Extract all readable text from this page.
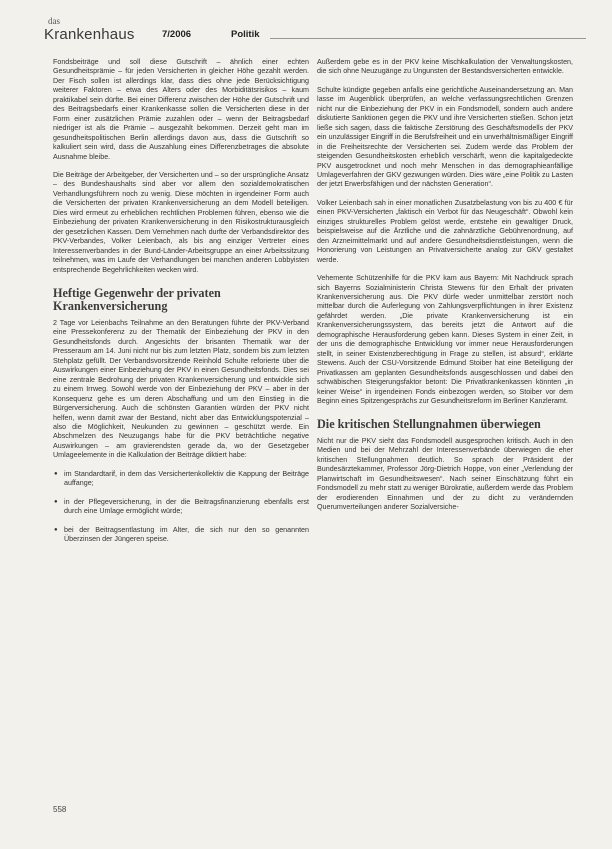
das
Krankenhaus	7/2006	Politik

Fondsbeiträge und soll diese Gutschrift – ähnlich einer echten Gesundheitsprämie – für jeden Versicherten in gleicher Höhe gezahlt werden. Der Fisch sollen ist allerdings klar, dass dies ohne jede Berücksichtigung weiterer Faktoren – etwa des Alters oder des Morbiditätsrisikos – kaum praktikabel sein dürfte. Bei einer Differenz zwischen der Höhe der Gutschrift und des Beitragsbedarfs einer Krankenkasse sollen die Versicherten diese in der Form einer zusätzlichen Prämie zuzahlen oder – wenn der Beitragsbedarf niedriger ist als die Prämie – ausgezahlt bekommen. Derzeit geht man im gesundheitspolitischen Berlin allerdings davon aus, dass die Gutschrift so kalkuliert sein wird, dass die Auszahlung eines Differenzbetrages die absolute Ausnahme bleibe.

Die Beiträge der Arbeitgeber, der Versicherten und – so der ursprüngliche Ansatz – des Bundeshaushalts sind aber vor allem den sozialdemokratischen Verhandlungsführern noch zu wenig. Diese möchten in irgendeiner Form auch die Versicherten der privaten Krankenversicherung an dem Modell beteiligen. Dies wird ermeut zu erheblichen rechtlichen Problemen führen, ebenso wie die Einbeziehung der privaten Krankenversicherung in den Risikostrukturausgleich der gesetzlichen Kassen. Dem Vernehmen nach durfte der Verbandsdirektor des PKV-Verbandes, Volker Leienbach, als bis ang einziger Vertreter eines Interessenverbandes in der Bund-Länder-Arbeitsgruppe an einer Arbeitssitzung teilnehmen, was im Laufe der Verhandlungen bei manchen anderen Lobbyisten entsprechende Begehrlichkeiten wecken wird.

Heftige Gegenwehr der privaten Krankenversicherung

2 Tage vor Leienbachs Teilnahme an den Beratungen führte der PKV-Verband eine Pressekonferenz zu der Thematik der Einbeziehung der PKV in den Gesundheitsfonds durch. Angesichts der brisanten Thematik war der Presseraum am 14. Juni nicht nur bis zum letzten Platz, sondern bis zum letzten Stehplatz gefüllt. Der Verbandsvorsitzende Reinhold Schulte reforierte über die Auswirkungen einer Einbeziehung der PKV in einen Gesundheitsfonds. Dies sei eine zentrale Bedrohung der privaten Krankenversicherung und entwickle sich zu einem Irrweg. Sowohl werde von der Einbeziehung der PKV – aber in der Konsequenz gehe es um deren Abschaffung und um den Einstieg in die Bürgerversicherung. Auch die schönsten Garantien würden der PKV nicht helfen, wenn damit zwar der Bestand, nicht aber das Entwicklungspotenzial – also die Möglichkeit, Neukunden zu gewinnen – geschützt werde. Ein Abschmelzen des Neuzugangs habe für die PKV beträchtliche negative Auswirkungen – am gravierendsten gerade da, wo der Gesetzgeber Umlageelemente in die Kalkulation der Beiträge diktiert habe:

● im Standardtarif, in dem das Versichertenkollektiv die Kappung der Beiträge auffange;
● in der Pflegeversicherung, in der die Beitragsfinanzierung ebenfalls erst durch eine Umlage ermöglicht würde;
● bei der Beitragsentlastung im Alter, die sich nur den so genannten Überzinsen der Jüngeren speise.

Außerdem gebe es in der PKV keine Mischkalkulation der Verwaltungskosten, die sich ohne Neuzugänge zu Ungunsten der Bestandsversicherten entwickle.

Schulte kündigte gegeben anfalls eine gerichtliche Auseinandersetzung an. Man lasse im Augenblick überprüfen, an welche verfassungsrechtlichen Grenzen nicht nur die Einbeziehung der PKV in ein Fondsmodell, sondern auch andere diskutierte Sanktionen gegen die PKV und ihre Versicherten stießen. Schon jetzt ließe sich sagen, dass die faktische Zerstörung des Geschäftsmodells der PKV ein unzulässiger Eingriff in die Berufsfreiheit und ein unverhältnismäßiger Eingriff in die Freiheitsrechte der Versicherten sei. Zudem werde das Problem der steigenden Gesundheitskosten erheblich verschärft, wenn die kapitalgedeckte PKV ausgetrocknet und noch mehr Menschen in das demographieanfällige Umlageverfahren der GKV gezwungen würden. Dies wäre „eine Politik zu Lasten der jetzt Erwerbsfähigen und der nächsten Generation“.

Volker Leienbach sah in einer monatlichen Zusatzbelastung von bis zu 400 € für einen PKV-Versicherten „faktisch ein Verbot für das Neugeschäft“. Obwohl kein einziges strukturelles Problem gelöst werde, entstehe ein gewaltiger Druck, beispielsweise auf die Ärztliche und die zahnärztliche Gebührenordnung, auf den Arzneimittelmarkt und auf andere Gesundheitsdienstleistungen, wenn die Honorierung von Leistungen an Privatversicherte analog zur GKV gestaltet werde.

Vehemente Schützenhilfe für die PKV kam aus Bayern: Mit Nachdruck sprach sich Bayerns Sozialministerin Christa Stewens für den Erhalt der privaten Krankenversicherung aus. Die PKV dürfe weder unmittelbar zerstört noch mittelbar durch die Auferlegung von Zahlungsverpflichtungen in ihrer Existenz gefährdet werden. „Die private Krankenversicherung ist ein Krankenversicherungssystem, das bereits jetzt die Antwort auf die demographische Herausforderung geben kann. Dieses System in einer Zeit, in der uns die demographische Entwicklung vor immer neue Herausforderungen stellt, in seiner Existenzberechtigung in Frage zu stellen, ist absurd“, erklärte Stewens. Auch der CSU-Vorsitzende Edmund Stoiber hat eine Beteiligung der Privatkassen am geplanten Gesundheitsfonds ausgeschlossen und dabei den schwäbischen Steigerungsfaktor betont: Die Privatkrankenkassen könnten „in keiner Weise“ in irgendeinen Fonds einbezogen werden, so Stoiber vor dem Beginn eines Spitzengesprächs zur Gesundheitsreform im Berliner Kanzleramt.

Die kritischen Stellungnahmen überwiegen

Nicht nur die PKV sieht das Fondsmodell ausgesprochen kritisch. Auch in den Medien und bei der Mehrzahl der Interessenverbände überwiegen die eher kritischen Stellungnahmen deutlich. So sprach der Präsident der Bundesärztekammer, Professor Jörg-Dietrich Hoppe, von einer „Verlendung der Planwirtschaft im Gesundheitswesen“. Nach seiner Einschätzung führt ein Fondsmodell zu mehr statt zu weniger Bürokratie, außerdem werde das Problem der erodierenden Einnahmen und der zu dicht zu verändernden Querumverteilungen anderer Sozialversiche-

558
